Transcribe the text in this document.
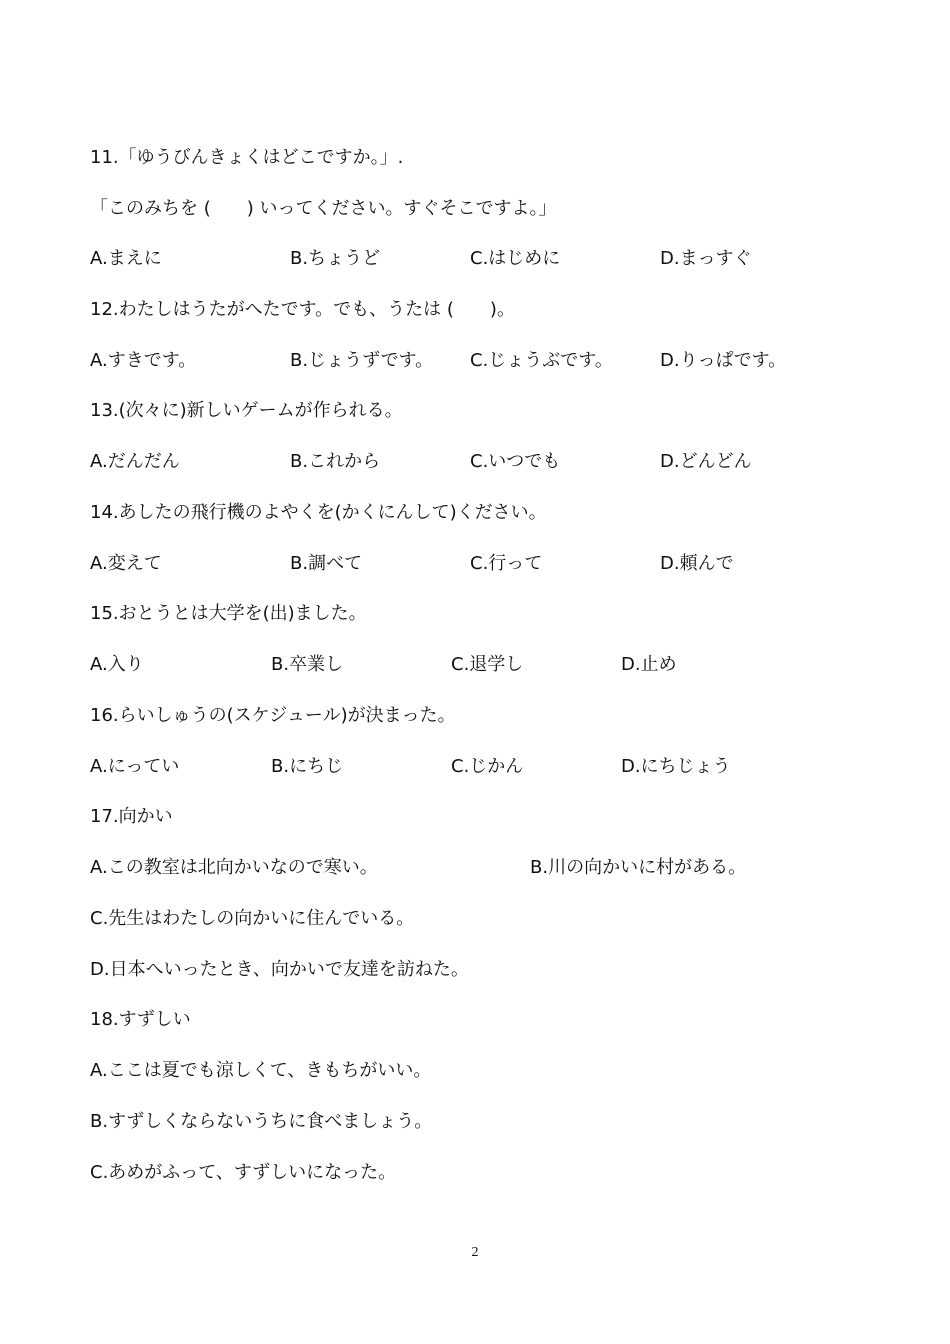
11.「ゆうびんきょくはどこですか。」.
「このみちを (　　) いってください。すぐそこですよ。」
A.まえに	B.ちょうど	C.はじめに	D.まっすぐ
12.わたしはうたがへたです。でも、うたは (　　)。
A.すきです。	B.じょうずです。 C.じょうぶです。	D.りっぱです。
13.(次々に)新しいゲームが作られる。
A.だんだん	B.これから	C.いつでも	D.どんどん
14.あしたの飛行機のよやくを(かくにんして)ください。
A.変えて	B.調べて	C.行って	D.頼んで
15.おとうとは大学を(出)ました。
A.入り	B.卒業し	C.退学し	D.止め
16.らいしゅうの(スケジュール)が決まった。
A.にってい	B.にちじ	C.じかん	D.にちじょう
17.向かい
A.この教室は北向かいなので寒い。	B.川の向かいに村がある。
C.先生はわたしの向かいに住んでいる。
D.日本へいったとき、向かいで友達を訪ねた。
18.すずしい
A.ここは夏でも涼しくて、きもちがいい。
B.すずしくならないうちに食べましょう。
C.あめがふって、すずしいになった。
2
